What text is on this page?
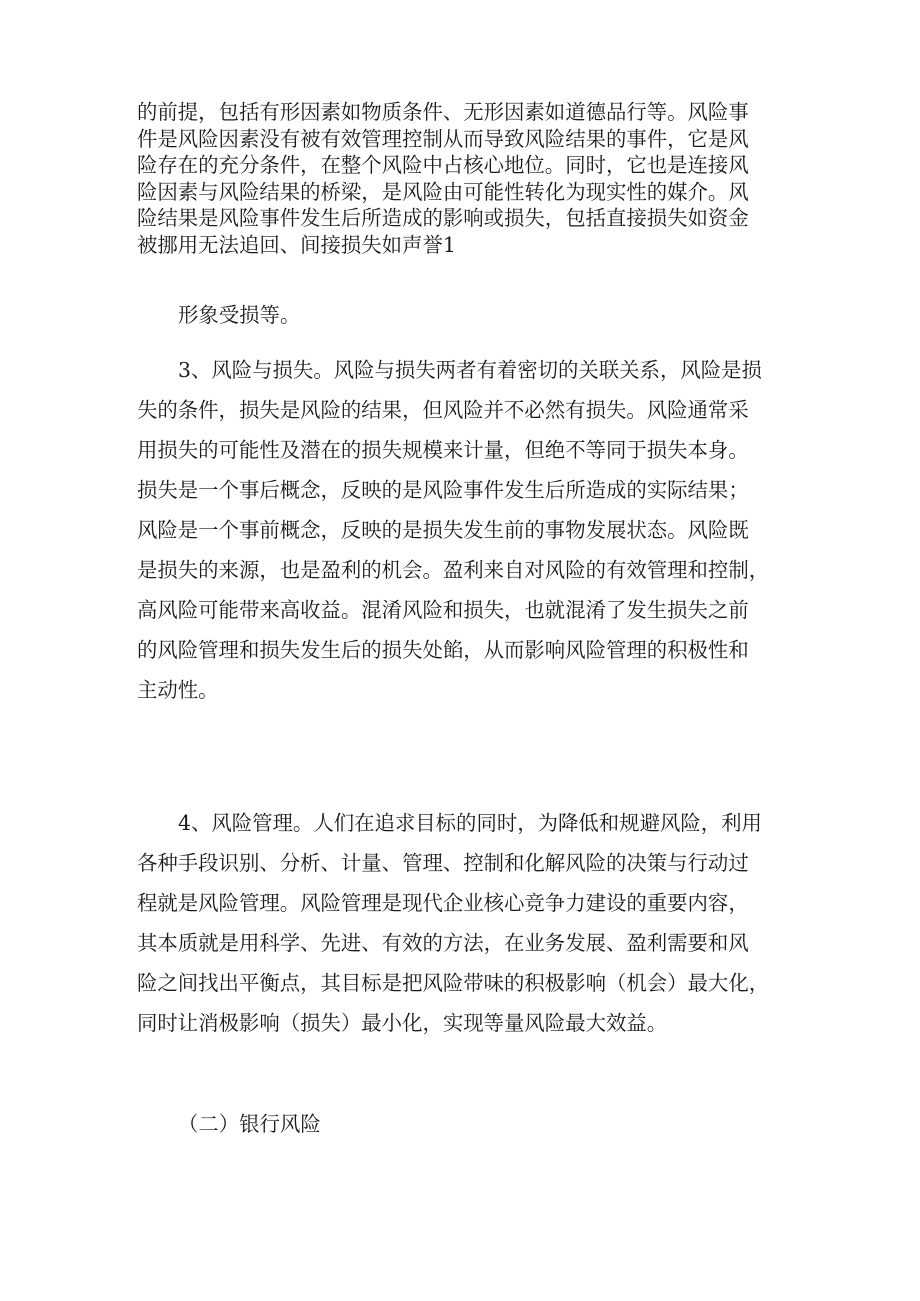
的前提，包括有形因素如物质条件、无形因素如道德品行等。风险事
件是风险因素没有被有效管理控制从而导致风险结果的事件，它是风
险存在的充分条件，在整个风险中占核心地位。同时，它也是连接风
险因素与风险结果的桥梁，是风险由可能性转化为现实性的媒介。风
险结果是风险事件发生后所造成的影响或损失，包括直接损失如资金
被挪用无法追回、间接损失如声誉1
形象受损等。
3、风险与损失。风险与损失两者有着密切的关联关系，风险是损
失的条件，损失是风险的结果，但风险并不必然有损失。风险通常采
用损失的可能性及潜在的损失规模来计量，但绝不等同于损失本身。
损失是一个事后概念，反映的是风险事件发生后所造成的实际结果；
风险是一个事前概念，反映的是损失发生前的事物发展状态。风险既
是损失的来源，也是盈利的机会。盈利来自对风险的有效管理和控制，
高风险可能带来高收益。混淆风险和损失，也就混淆了发生损失之前
的风险管理和损失发生后的损失处餡，从而影响风险管理的积极性和
主动性。
4、风险管理。人们在追求目标的同时，为降低和规避风险，利用
各种手段识别、分析、计量、管理、控制和化解风险的决策与行动过
程就是风险管理。风险管理是现代企业核心竞争力建设的重要内容，
其本质就是用科学、先进、有效的方法，在业务发展、盈利需要和风
险之间找出平衡点，其目标是把风险带味的积极影响（机会）最大化，
同时让消极影响（损失）最小化，实现等量风险最大效益。
（二）银行风险
